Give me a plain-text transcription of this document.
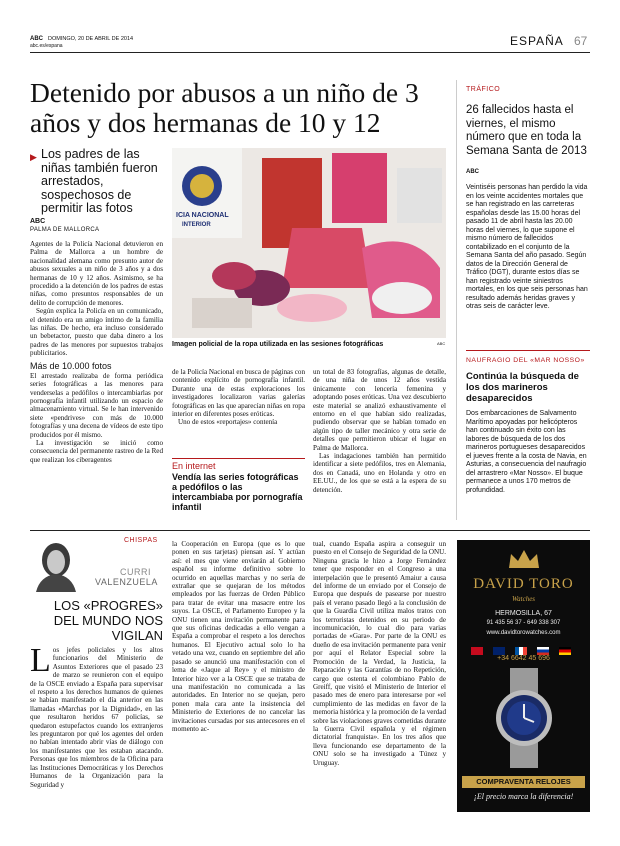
ABC DOMINGO, 20 DE ABRIL DE 2014
abc.es/espana	ESPAÑA 67
Detenido por abusos a un niño de 3 años y dos hermanas de 10 y 12
▶ Los padres de las niñas también fueron arrestados, sospechosos de permitir las fotos
ICIA NACIONAL
INTERIOR
Imagen policial de la ropa utilizada en las sesiones fotográficas	ABC
ABC
PALMA DE MALLORCA

Agentes de la Policía Nacional detuvieron en Palma de Mallorca a un hombre de nacionalidad alemana como presunto autor de abusos sexuales a un niño de 3 años y a dos hermanas de 10 y 12 años. Asimismo, se ha procedido a la detención de los padres de estas niñas, como presuntos responsables de un delito de corrupción de menores.

Según explica la Policía en un comunicado, el detenido era un amigo íntimo de la familia las niñas. De hecho, era incluso considerado un bebetactor, puesto que daba dinero a los padres de las menores por supuestos trabajos publicitarios.

Más de 10.000 fotos

El arrestado realizaba de forma periódica series fotográficas a las menores para venderselas a pedófilos o intercambiarlas por pornografía infantil utilizando un espacio de almacenamiento virtual. Se le han intervenido siete «pendrives» con más de 10.000 fotografías y una decena de vídeos de este tipo producidos por él mismo.

La investigación se inició como consecuencia del permanente rastreo de la Red que realizan los ciberagentes

de la Policía Nacional en busca de páginas con contenido explícito de pornografía infantil. Durante una de estas exploraciones los investigadores localizaron varias galerías fotográficas en las que aparecían niñas en ropa interior en diferentes poses eróticas.

Uno de estos «reportajes» contenía

En internet
Vendía las series fotográficas a pedófilos o las intercambiaba por pornografía infantil

un total de 83 fotografías, algunas de detalle, de una niña de unos 12 años vestida únicamente con lencería femenina y adoptando poses eróticas. Una vez descubierto este material se analizó exhaustivamente el entorno en el que habían sido realizadas, pudiendo observar que se habían tomado en algún tipo de taller mecánico y otra serie de detalles que permitieron ubicar el lugar en Palma de Mallorca.

Las indagaciones también han permitido identificar a siete pedófilos, tres en Alemania, dos en Canadá, uno en Holanda y otro en EE.UU., de los que se está a la espera de su detención.

TRÁFICO
26 fallecidos hasta el viernes, el mismo número que en toda la Semana Santa de 2013
ABC
Veintiséis personas han perdido la vida en los veinte accidentes mortales que se han registrado en las carreteras españolas desde las 15.00 horas del pasado 11 de abril hasta las 20.00 horas del viernes, lo que supone el mismo número de fallecidos contabilizado en el conjunto de la Semana Santa del año pasado. Según datos de la Dirección General de Tráfico (DGT), durante estos días se han registrado veinte siniestros mortales, en los que seis personas han resultado además heridas graves y otras seis de carácter leve.
NAUFRAGIO DEL «MAR NOSSO»
Continúa la búsqueda de los dos marineros desaparecidos
Dos embarcaciones de Salvamento Marítimo apoyadas por helicópteros han continuado sin éxito con las labores de búsqueda de los dos marineros portugueses desaparecidos el jueves frente a la costa de Navia, en Asturias, a consecuencia del naufragio del arrastrero «Mar Nosso». El buque permanece a unos 170 metros de profundidad.
CHISPAS
CURRI
VALENZUELA
LOS «PROGRES» DEL MUNDO NOS VIGILAN
L os jefes policiales y los altos funcionarios del Ministerio de Asuntos Exteriores que el pasado 23 de marzo se reunieron con el equipo de la OSCE enviado a España para supervisar el respeto a los derechos humanos de quienes se habían manifestado el día anterior en las llamadas «Marchas por la Dignidad», en las que resultaron heridos 67 policías, se quedaron estupefactos cuando los extranjeros les preguntaron por qué los agentes del orden no habían intentado abrir vías de diálogo con los manifestantes que les estaban atacando. Personas que los miembros de la Oficina para las Instituciones Democráticas y los Derechos Humanos de la Organización para la Seguridad y
la Cooperación en Europa (que es lo que ponen en sus tarjetas) piensan así. Y actúan así: el mes que viene enviarán al Gobierno español su informe definitivo sobre lo ocurrido en aquellas marchas y no sería de extrañar que se quejaran de los métodos empleados por las fuerzas de Orden Público para tratar de evitar una masacre entre los suyos. La OSCE, el Parlamento Europeo y la ONU tienen una invitación permanente para que sus oficinas dedicadas a ello vengan a España a comprobar el respeto a los derechos humanos. El Ejecutivo actual solo lo ha vetado una vez, cuando en septiembre del año pasado se anunció una manifestación con el lema de «Jaque al Rey» y el ministro de Interior hizo ver a la OSCE que se trataba de una manifestación no comunicada a las autoridades. En Interior no se quejan, pero ponen mala cara ante la insistencia del Ministerio de Exteriores de no cancelar las invitaciones cursadas por sus antecesores en el momento ac-
tual, cuando España aspira a conseguir un puesto en el Consejo de Seguridad de la ONU. Ninguna gracia le hizo a Jorge Fernández tener que responder en el Congreso a una interpelación que le presentó Amaiur a causa del informe de un enviado por el Consejo de Europa que después de pasearse por nuestro país el verano pasado llegó a la conclusión de que la Guardia Civil utiliza malos tratos con los terroristas detenidos en su periodo de incomunicación, lo cual dio para varias portadas de «Gara». Por parte de la ONU es dueño de esa invitación permanente para venir por aquí el Relator Especial sobre la Promoción de la Verdad, la Justicia, la Reparación y las Garantías de no Repetición, cargo que ostenta el colombiano Pablo de Greiff, que visitó el Ministerio de Interior el pasado mes de enero para interesarse por «el cumplimiento de las medidas en favor de la memoria histórica y la promoción de la verdad sobre las violaciones graves cometidas durante la Guerra Civil española y el régimen dictatorial franquista». En los tres años que lleva funcionando ese departamento de la ONU solo se ha investigado a Túnez y Uruguay.
DAVID TORO
Watches
HERMOSILLA, 67
91 435 56 37 - 649 338 307
www.davidtorowatches.com

+34 6642 45 696
COMPRAVENTA RELOJES
¡El precio marca la diferencia!
